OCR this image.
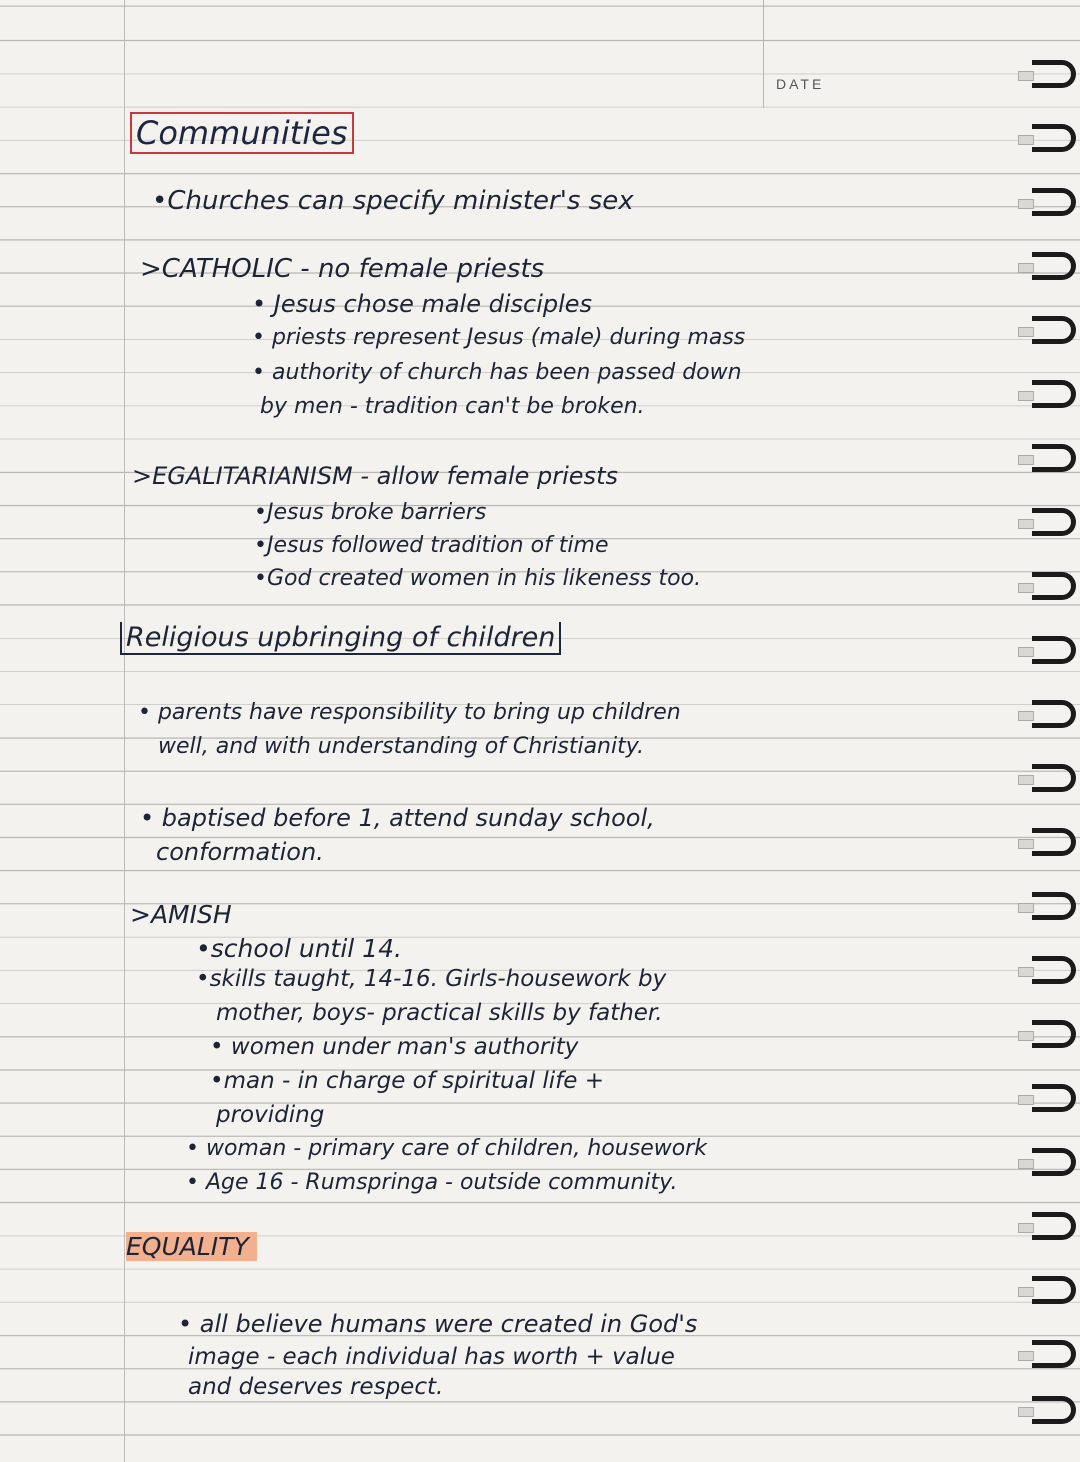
DATE
Communities
•Churches can specify minister's sex
>CATHOLIC - no female priests
• Jesus chose male disciples
• priests represent Jesus (male) during mass
• authority of church has been passed down
by men - tradition can't be broken.
>EGALITARIANISM - allow female priests
•Jesus broke barriers
•Jesus followed tradition of time
•God created women in his likeness too.
Religious upbringing of children
• parents have responsibility to bring up children
well, and with understanding of Christianity.
• baptised before 1, attend sunday school,
conformation.
>AMISH
•school until 14.
•skills taught, 14-16. Girls-housework by
mother, boys- practical skills by father.
• women under man's authority
•man - in charge of spiritual life +
providing
• woman - primary care of children, housework
• Age 16 - Rumspringa - outside community.
EQUALITY
• all believe humans were created in God's
image - each individual has worth + value
and deserves respect.
